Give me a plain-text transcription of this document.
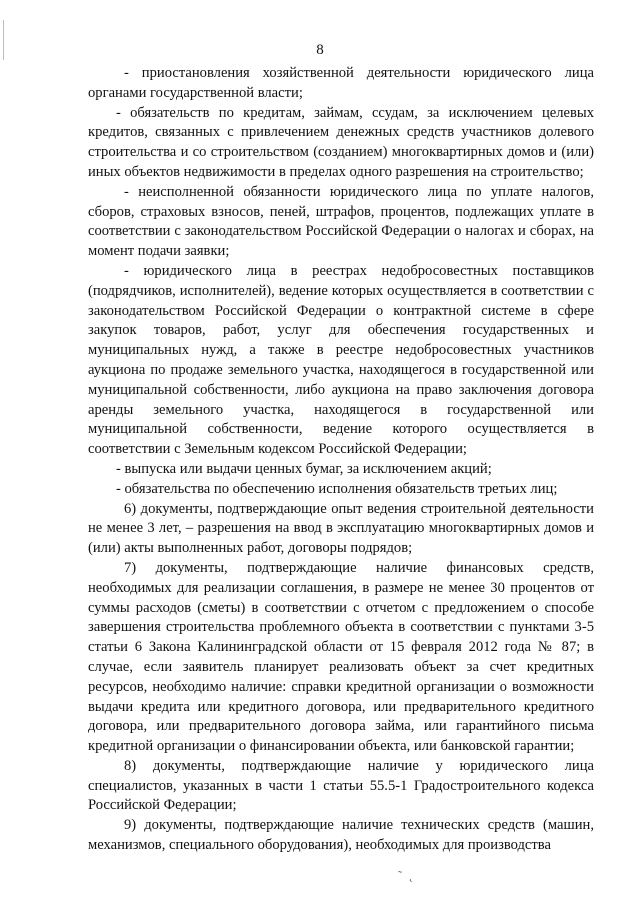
8

- приостановления хозяйственной деятельности юридического лица органами государственной власти;

- обязательств по кредитам, займам, ссудам, за исключением целевых кредитов, связанных с привлечением денежных средств участников долевого строительства и со строительством (созданием) многоквартирных домов и (или) иных объектов недвижимости в пределах одного разрешения на строительство;

- неисполненной обязанности юридического лица по уплате налогов, сборов, страховых взносов, пеней, штрафов, процентов, подлежащих уплате в соответствии с законодательством Российской Федерации о налогах и сборах, на момент подачи заявки;

- юридического лица в реестрах недобросовестных поставщиков (подрядчиков, исполнителей), ведение которых осуществляется в соответствии с законодательством Российской Федерации о контрактной системе в сфере закупок товаров, работ, услуг для обеспечения государственных и муниципальных нужд, а также в реестре недобросовестных участников аукциона по продаже земельного участка, находящегося в государственной или муниципальной собственности, либо аукциона на право заключения договора аренды земельного участка, находящегося в государственной или муниципальной собственности, ведение которого осуществляется в соответствии с Земельным кодексом Российской Федерации;

- выпуска или выдачи ценных бумаг, за исключением акций;

- обязательства по обеспечению исполнения обязательств третьих лиц;

6) документы, подтверждающие опыт ведения строительной деятельности не менее 3 лет, – разрешения на ввод в эксплуатацию многоквартирных домов и (или) акты выполненных работ, договоры подрядов;

7) документы, подтверждающие наличие финансовых средств, необходимых для реализации соглашения, в размере не менее 30 процентов от суммы расходов (сметы) в соответствии с отчетом с предложением о способе завершения строительства проблемного объекта в соответствии с пунктами 3-5 статьи 6 Закона Калининградской области от 15 февраля 2012 года № 87; в случае, если заявитель планирует реализовать объект за счет кредитных ресурсов, необходимо наличие: справки кредитной организации о возможности выдачи кредита или кредитного договора, или предварительного кредитного договора, или предварительного договора займа, или гарантийного письма кредитной организации о финансировании объекта, или банковской гарантии;

8) документы, подтверждающие наличие у юридического лица специалистов, указанных в части 1 статьи 55.5-1 Градостроительного кодекса Российской Федерации;

9) документы, подтверждающие наличие технических средств (машин, механизмов, специального оборудования), необходимых для производства

˜ ˛
